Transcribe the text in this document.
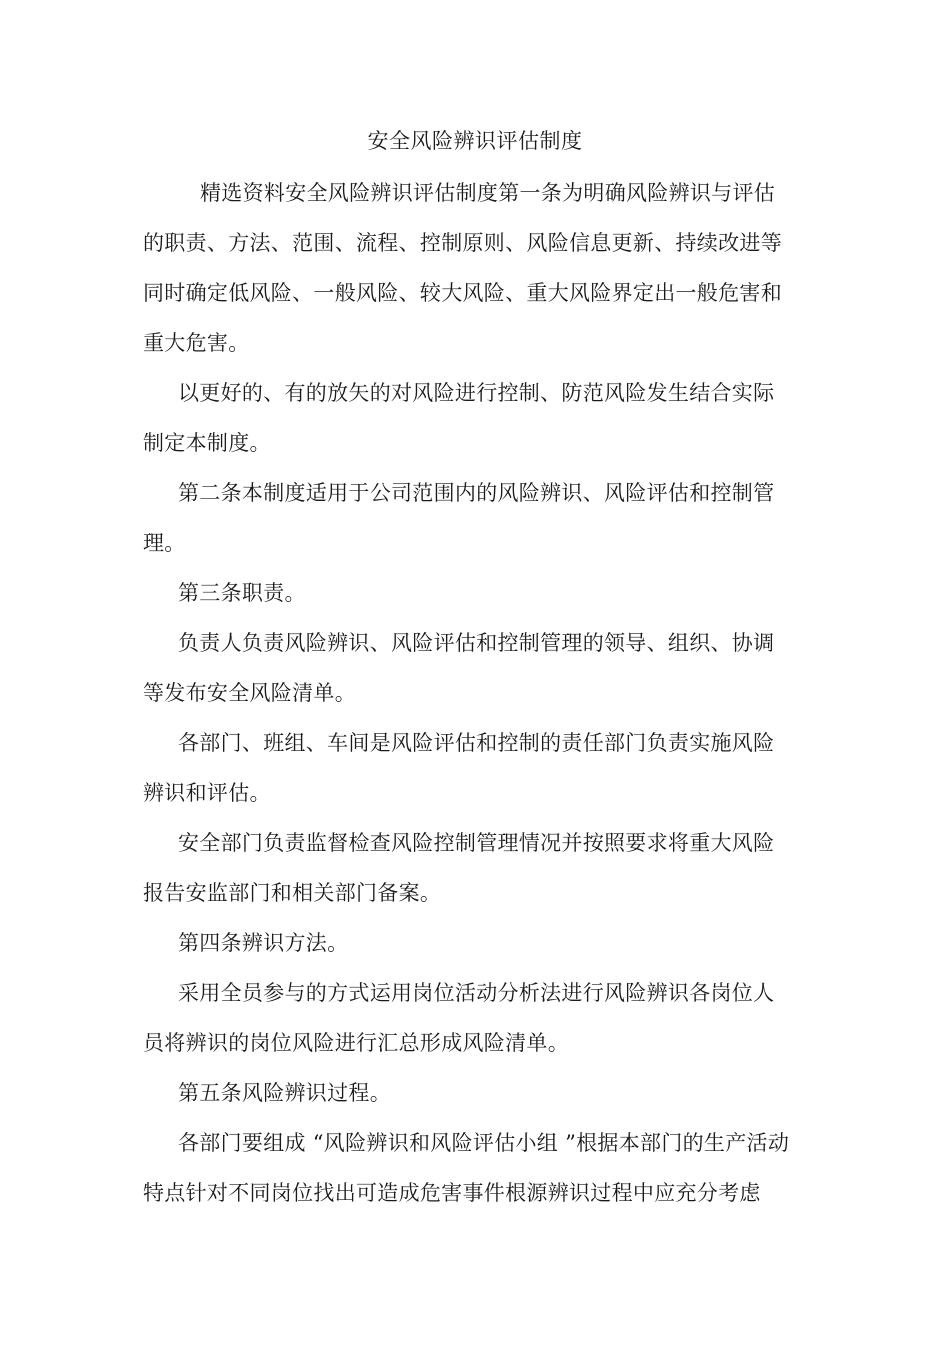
安全风险辨识评估制度
精选资料安全风险辨识评估制度第一条为明确风险辨识与评估
的职责、方法、范围、流程、控制原则、风险信息更新、持续改进等
同时确定低风险、一般风险、较大风险、重大风险界定出一般危害和
重大危害。
以更好的、有的放矢的对风险进行控制、防范风险发生结合实际
制定本制度。
第二条本制度适用于公司范围内的风险辨识、风险评估和控制管
理。
第三条职责。
负责人负责风险辨识、风险评估和控制管理的领导、组织、协调
等发布安全风险清单。
各部门、班组、车间是风险评估和控制的责任部门负责实施风险
辨识和评估。
安全部门负责监督检查风险控制管理情况并按照要求将重大风险
报告安监部门和相关部门备案。
第四条辨识方法。
采用全员参与的方式运用岗位活动分析法进行风险辨识各岗位人
员将辨识的岗位风险进行汇总形成风险清单。
第五条风险辨识过程。
各部门要组成 “风险辨识和风险评估小组 ”根据本部门的生产活动
特点针对不同岗位找出可造成危害事件根源辨识过程中应充分考虑
